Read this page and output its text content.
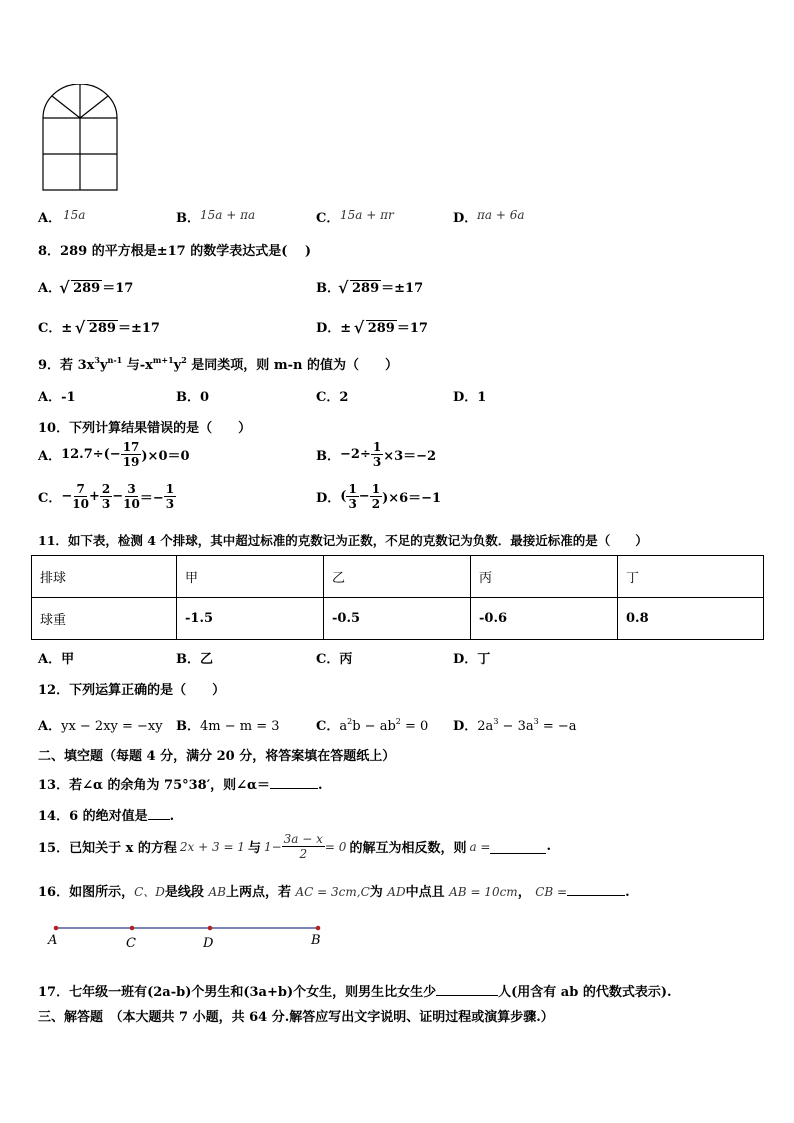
A． 15a	B． 15a + πa	C． 15a + πr	D． πa + 6a
8．289 的平方根是±17 的数学表达式是(　 )
A． √ 289 ＝17	B． √ 289 ＝±17
C．± √ 289 ＝±17	D．± √ 289 ＝17
9．若 $3x^3y^{n-1}$ 与$-x^{m+1}y^2$ 是同类项，则 m-n 的值为（　　）
A．-1	B．0	C．2	D．1
10．下列计算结果错误的是（　　）
A． $12.7\div(- \frac{17}{19} )\times 0=0$	B． $-2\div \frac{1}{3} \times 3=-2$
C． − $\frac{7}{10} + \frac{2}{3} - \frac{3}{10} =- \frac{1}{3}$	D． ( $\frac{1}{3} - \frac{1}{2} )\times 6=-1$
11．如下表，检测 4 个排球，其中超过标准的克数记为正数，不足的克数记为负数．最接近标准的是（　　）
排球	甲	乙	丙	丁
球重	-1.5	-0.5	-0.6	0.8
A．甲	B．乙	C．丙	D．丁
12．下列运算正确的是（　　）
A．yx − 2xy = −xy B．4m − m = 3	C．$a^2b - ab^2 = 0$ D．$2a^3 - 3a^3 = -a$
二、填空题（每题 4 分，满分 20 分，将答案填在答题纸上）
13．若∠α 的余角为 75°38′，则∠α＝	.
14．6 的绝对值是 .
15．已知关于 x 的方程 2x + 3 = 1 与 $1- \frac{3a - x}{2} = 0$ 的解互为相反数，则 a =	.
16．如图所示，C、D是线段 AB上两点，若 AC = 3cm,C为 AD中点且 AB = 10cm， CB =	.
A	C	D	B
17．七年级一班有(2a-b)个男生和(3a+b)个女生，则男生比女生少	人(用含有 ab 的代数式表示).
三、解答题　（本大题共 7 小题，共 64 分.解答应写出文字说明、证明过程或演算步骤.）
